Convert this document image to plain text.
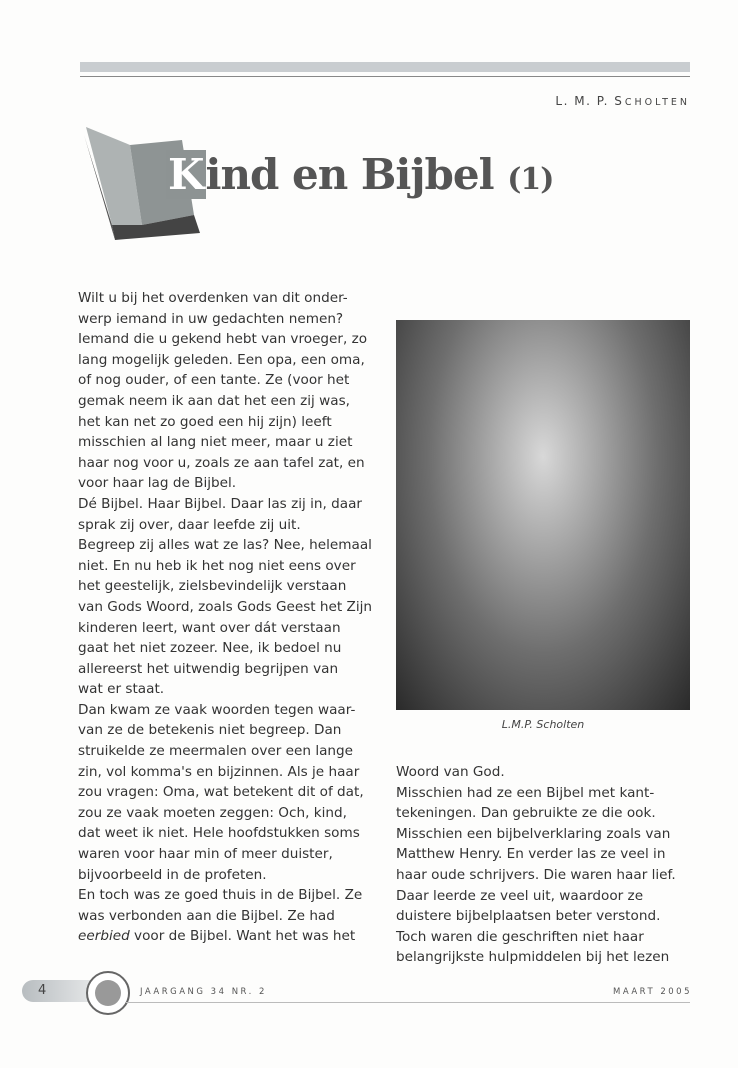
L. M. P. SCHOLTEN
Kind en Bijbel (1)
Wilt u bij het overdenken van dit onder-
werp iemand in uw gedachten nemen?
Iemand die u gekend hebt van vroeger, zo
lang mogelijk geleden. Een opa, een oma,
of nog ouder, of een tante. Ze (voor het
gemak neem ik aan dat het een zij was,
het kan net zo goed een hij zijn) leeft
misschien al lang niet meer, maar u ziet
haar nog voor u, zoals ze aan tafel zat, en
voor haar lag de Bijbel.
Dé Bijbel. Haar Bijbel. Daar las zij in, daar
sprak zij over, daar leefde zij uit.
Begreep zij alles wat ze las? Nee, helemaal
niet. En nu heb ik het nog niet eens over
het geestelijk, zielsbevindelijk verstaan
van Gods Woord, zoals Gods Geest het Zijn
kinderen leert, want over dát verstaan
gaat het niet zozeer. Nee, ik bedoel nu
allereerst het uitwendig begrijpen van
wat er staat.
Dan kwam ze vaak woorden tegen waar-
van ze de betekenis niet begreep. Dan
struikelde ze meermalen over een lange
zin, vol komma's en bijzinnen. Als je haar
zou vragen: Oma, wat betekent dit of dat,
zou ze vaak moeten zeggen: Och, kind,
dat weet ik niet. Hele hoofdstukken soms
waren voor haar min of meer duister,
bijvoorbeeld in de profeten.
En toch was ze goed thuis in de Bijbel. Ze
was verbonden aan die Bijbel. Ze had
eerbied voor de Bijbel. Want het was het
L.M.P. Scholten
Woord van God.
Misschien had ze een Bijbel met kant-
tekeningen. Dan gebruikte ze die ook.
Misschien een bijbelverklaring zoals van
Matthew Henry. En verder las ze veel in
haar oude schrijvers. Die waren haar lief.
Daar leerde ze veel uit, waardoor ze
duistere bijbelplaatsen beter verstond.
Toch waren die geschriften niet haar
belangrijkste hulpmiddelen bij het lezen
4	JAARGANG 34 NR. 2	MAART 2005
